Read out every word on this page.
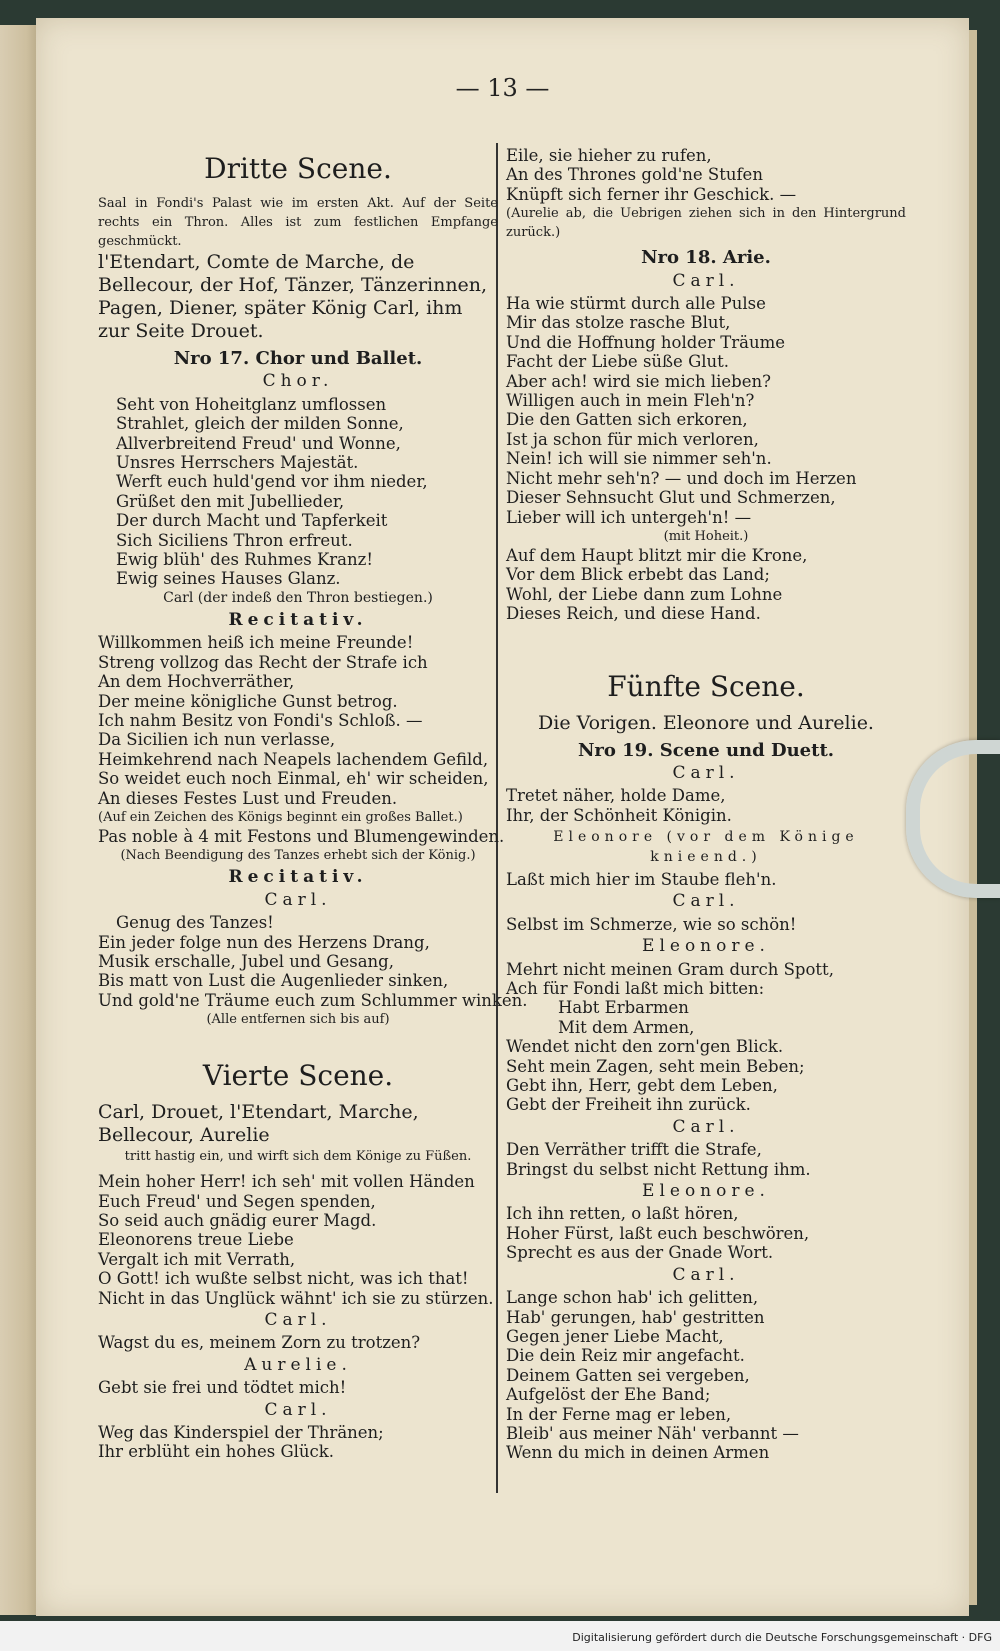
— 13 —
Dritte Scene.
Saal in Fondi's Palast wie im ersten Akt. Auf der Seite rechts ein Thron. Alles ist zum festlichen Empfange geschmückt.
l'Etendart, Comte de Marche, de Bellecour, der Hof, Tänzer, Tänzerinnen, Pagen, Diener, später König Carl, ihm zur Seite Drouet.
Nro 17. Chor und Ballet.
Chor.
Seht von Hoheitglanz umflossen
Strahlet, gleich der milden Sonne,
Allverbreitend Freud' und Wonne,
Unsres Herrschers Majestät.
Werft euch huld'gend vor ihm nieder,
Grüßet den mit Jubellieder,
Der durch Macht und Tapferkeit
Sich Siciliens Thron erfreut.
Ewig blüh' des Ruhmes Kranz!
Ewig seines Hauses Glanz.
Carl (der indeß den Thron bestiegen.)
Recitativ.
Willkommen heiß ich meine Freunde!
Streng vollzog das Recht der Strafe ich
An dem Hochverräther,
Der meine königliche Gunst betrog.
Ich nahm Besitz von Fondi's Schloß. —
Da Sicilien ich nun verlasse,
Heimkehrend nach Neapels lachendem Gefild,
So weidet euch noch Einmal, eh' wir scheiden,
An dieses Festes Lust und Freuden.
(Auf ein Zeichen des Königs beginnt ein großes Ballet.)
Pas noble à 4 mit Festons und Blumengewinden.
(Nach Beendigung des Tanzes erhebt sich der König.)
Recitativ.
Carl.
Genug des Tanzes!
Ein jeder folge nun des Herzens Drang,
Musik erschalle, Jubel und Gesang,
Bis matt von Lust die Augenlieder sinken,
Und gold'ne Träume euch zum Schlummer winken.
(Alle entfernen sich bis auf)
Vierte Scene.
Carl, Drouet, l'Etendart, Marche, Bellecour, Aurelie
tritt hastig ein, und wirft sich dem Könige zu Füßen.
Mein hoher Herr! ich seh' mit vollen Händen
Euch Freud' und Segen spenden,
So seid auch gnädig eurer Magd.
Eleonorens treue Liebe
Vergalt ich mit Verrath,
O Gott! ich wußte selbst nicht, was ich that!
Nicht in das Unglück wähnt' ich sie zu stürzen.
Carl.
Wagst du es, meinem Zorn zu trotzen?
Aurelie.
Gebt sie frei und tödtet mich!
Carl.
Weg das Kinderspiel der Thränen;
Ihr erblüht ein hohes Glück.
Eile, sie hieher zu rufen,
An des Thrones gold'ne Stufen
Knüpft sich ferner ihr Geschick. —
(Aurelie ab, die Uebrigen ziehen sich in den Hintergrund zurück.)
Nro 18. Arie.
Carl.
Ha wie stürmt durch alle Pulse
Mir das stolze rasche Blut,
Und die Hoffnung holder Träume
Facht der Liebe süße Glut.
Aber ach! wird sie mich lieben?
Willigen auch in mein Fleh'n?
Die den Gatten sich erkoren,
Ist ja schon für mich verloren,
Nein! ich will sie nimmer seh'n.
Nicht mehr seh'n? — und doch im Herzen
Dieser Sehnsucht Glut und Schmerzen,
Lieber will ich untergeh'n! —
(mit Hoheit.)
Auf dem Haupt blitzt mir die Krone,
Vor dem Blick erbebt das Land;
Wohl, der Liebe dann zum Lohne
Dieses Reich, und diese Hand.
Fünfte Scene.
Die Vorigen. Eleonore und Aurelie.
Nro 19. Scene und Duett.
Carl.
Tretet näher, holde Dame,
Ihr, der Schönheit Königin.
Eleonore (vor dem Könige knieend.)
Laßt mich hier im Staube fleh'n.
Carl.
Selbst im Schmerze, wie so schön!
Eleonore.
Mehrt nicht meinen Gram durch Spott,
Ach für Fondi laßt mich bitten:
Habt Erbarmen
Mit dem Armen,
Wendet nicht den zorn'gen Blick.
Seht mein Zagen, seht mein Beben;
Gebt ihn, Herr, gebt dem Leben,
Gebt der Freiheit ihn zurück.
Carl.
Den Verräther trifft die Strafe,
Bringst du selbst nicht Rettung ihm.
Eleonore.
Ich ihn retten, o laßt hören,
Hoher Fürst, laßt euch beschwören,
Sprecht es aus der Gnade Wort.
Carl.
Lange schon hab' ich gelitten,
Hab' gerungen, hab' gestritten
Gegen jener Liebe Macht,
Die dein Reiz mir angefacht.
Deinem Gatten sei vergeben,
Aufgelöst der Ehe Band;
In der Ferne mag er leben,
Bleib' aus meiner Näh' verbannt —
Wenn du mich in deinen Armen
Digitalisierung gefördert durch die Deutsche Forschungsgemeinschaft · DFG
